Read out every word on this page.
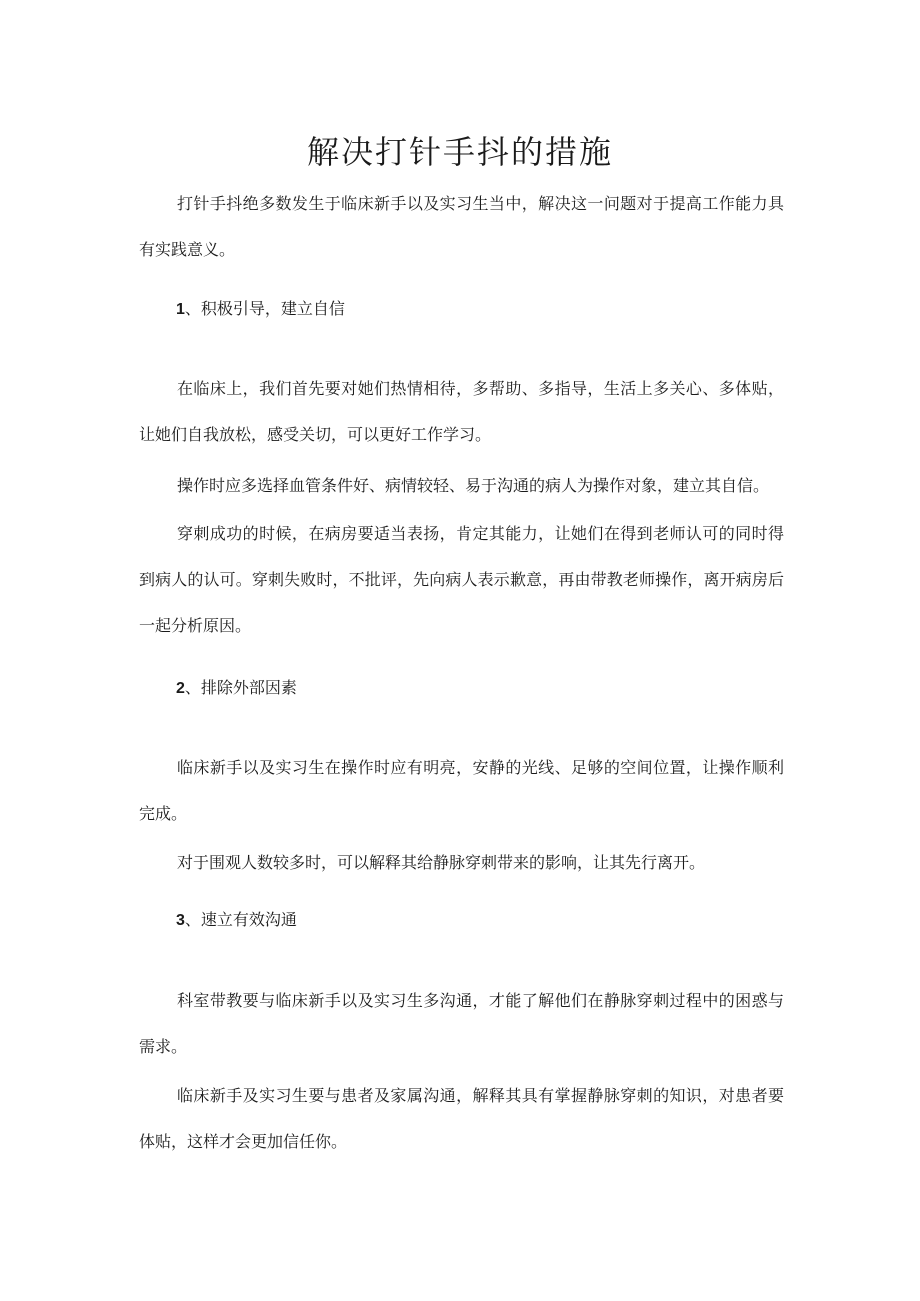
解决打针手抖的措施

打针手抖绝多数发生于临床新手以及实习生当中，解决这一问题对于提高工作能力具有实践意义。

1、积极引导，建立自信

在临床上，我们首先要对她们热情相待，多帮助、多指导，生活上多关心、多体贴，让她们自我放松，感受关切，可以更好工作学习。

操作时应多选择血管条件好、病情较轻、易于沟通的病人为操作对象，建立其自信。

穿刺成功的时候，在病房要适当表扬，肯定其能力，让她们在得到老师认可的同时得到病人的认可。穿刺失败时，不批评，先向病人表示歉意，再由带教老师操作，离开病房后一起分析原因。

2、排除外部因素

临床新手以及实习生在操作时应有明亮，安静的光线、足够的空间位置，让操作顺利完成。

对于围观人数较多时，可以解释其给静脉穿刺带来的影响，让其先行离开。

3、速立有效沟通

科室带教要与临床新手以及实习生多沟通，才能了解他们在静脉穿刺过程中的困惑与需求。

临床新手及实习生要与患者及家属沟通，解释其具有掌握静脉穿刺的知识，对患者要体贴，这样才会更加信任你。
